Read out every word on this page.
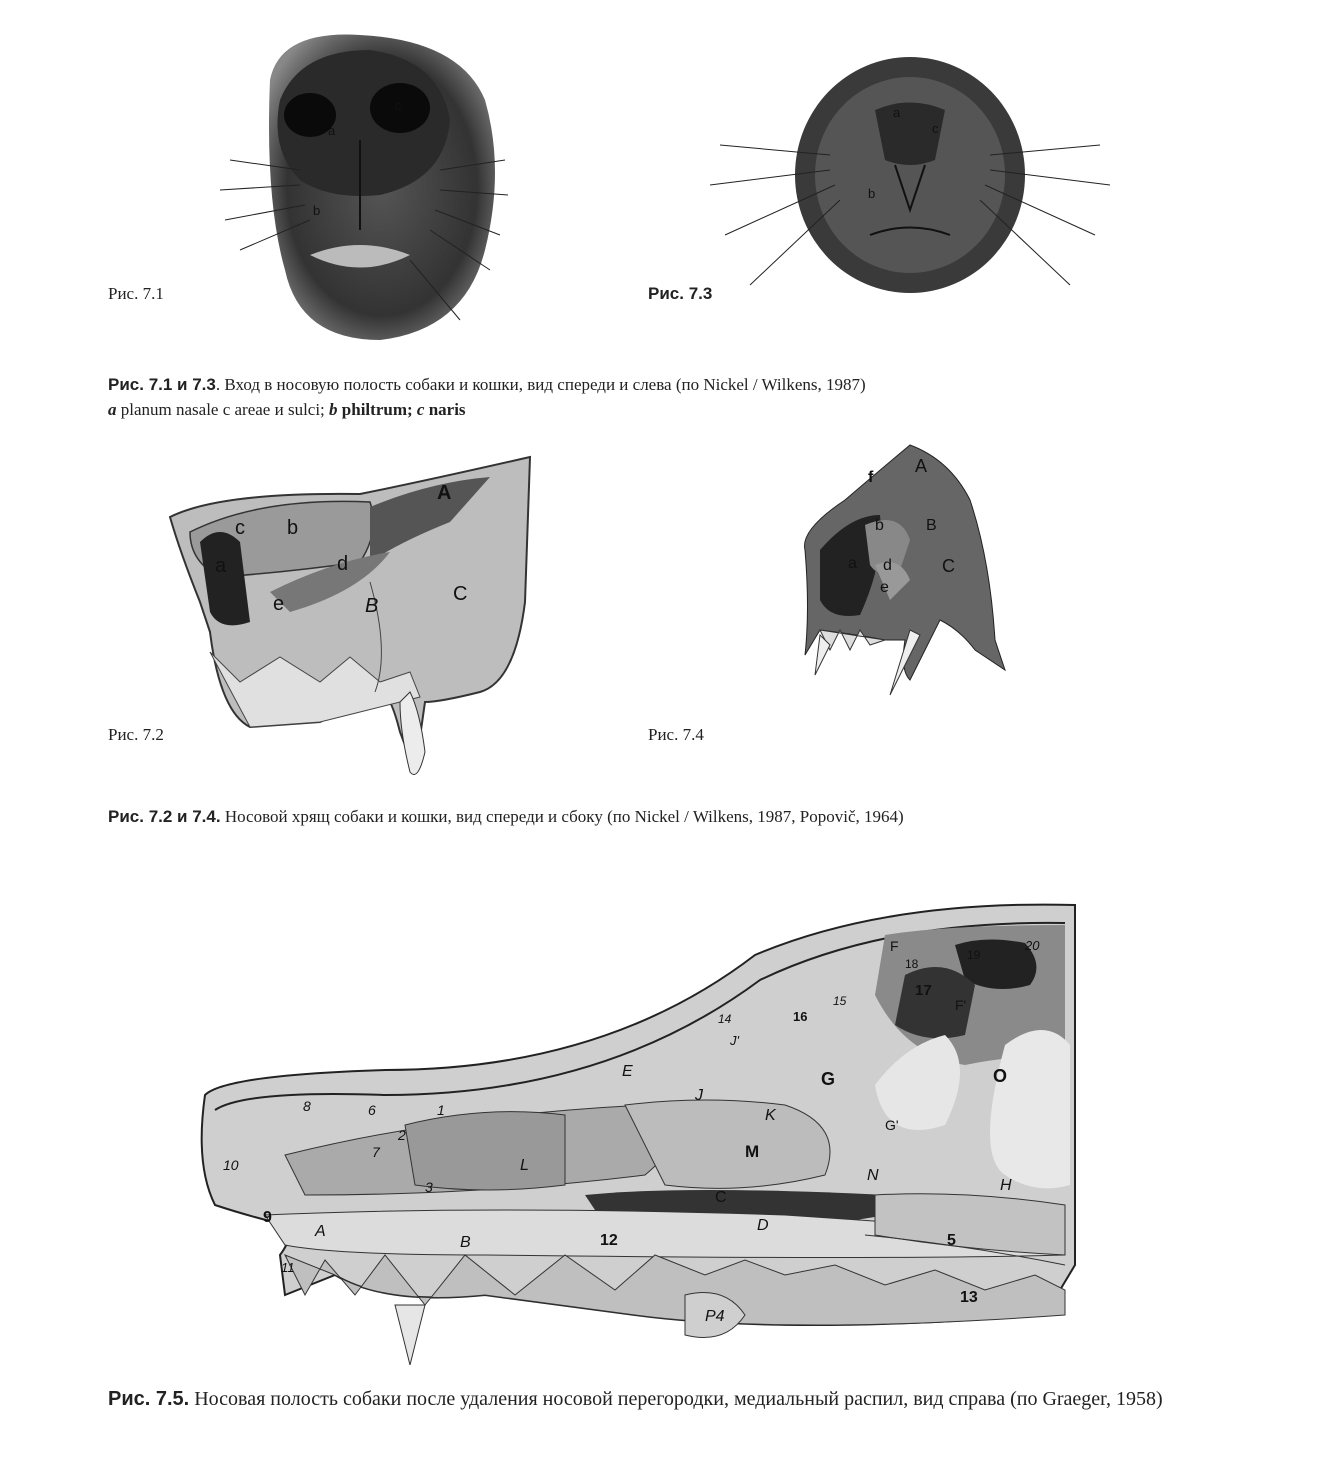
a
b
c
Рис. 7.1
a
b
c
Рис. 7.3
Рис. 7.1 и 7.3. Вход в носовую полость собаки и кошки, вид спереди и слева (по Nickel / Wilkens, 1987)
a planum nasale c areae и sulci; b philtrum; c naris
a
b
c
d
e
A
B
C
Рис. 7.2
a
b
d
e
f
A
B
C
Рис. 7.4
Рис. 7.2 и 7.4. Носовой хрящ собаки и кошки, вид спереди и сбоку (по Nickel / Wilkens, 1987, Popovič, 1964)
A
B
C
D
E
F
F'
G
G'
H
J
J'
K
L
M
N
O
P4
1
2
3
5
6
7
8
9
10
11
12
13
14
15
16
17
18
19
20
Рис. 7.5. Носовая полость собаки после удаления носовой перегородки, медиальный распил, вид справа (по Graeger, 1958)
